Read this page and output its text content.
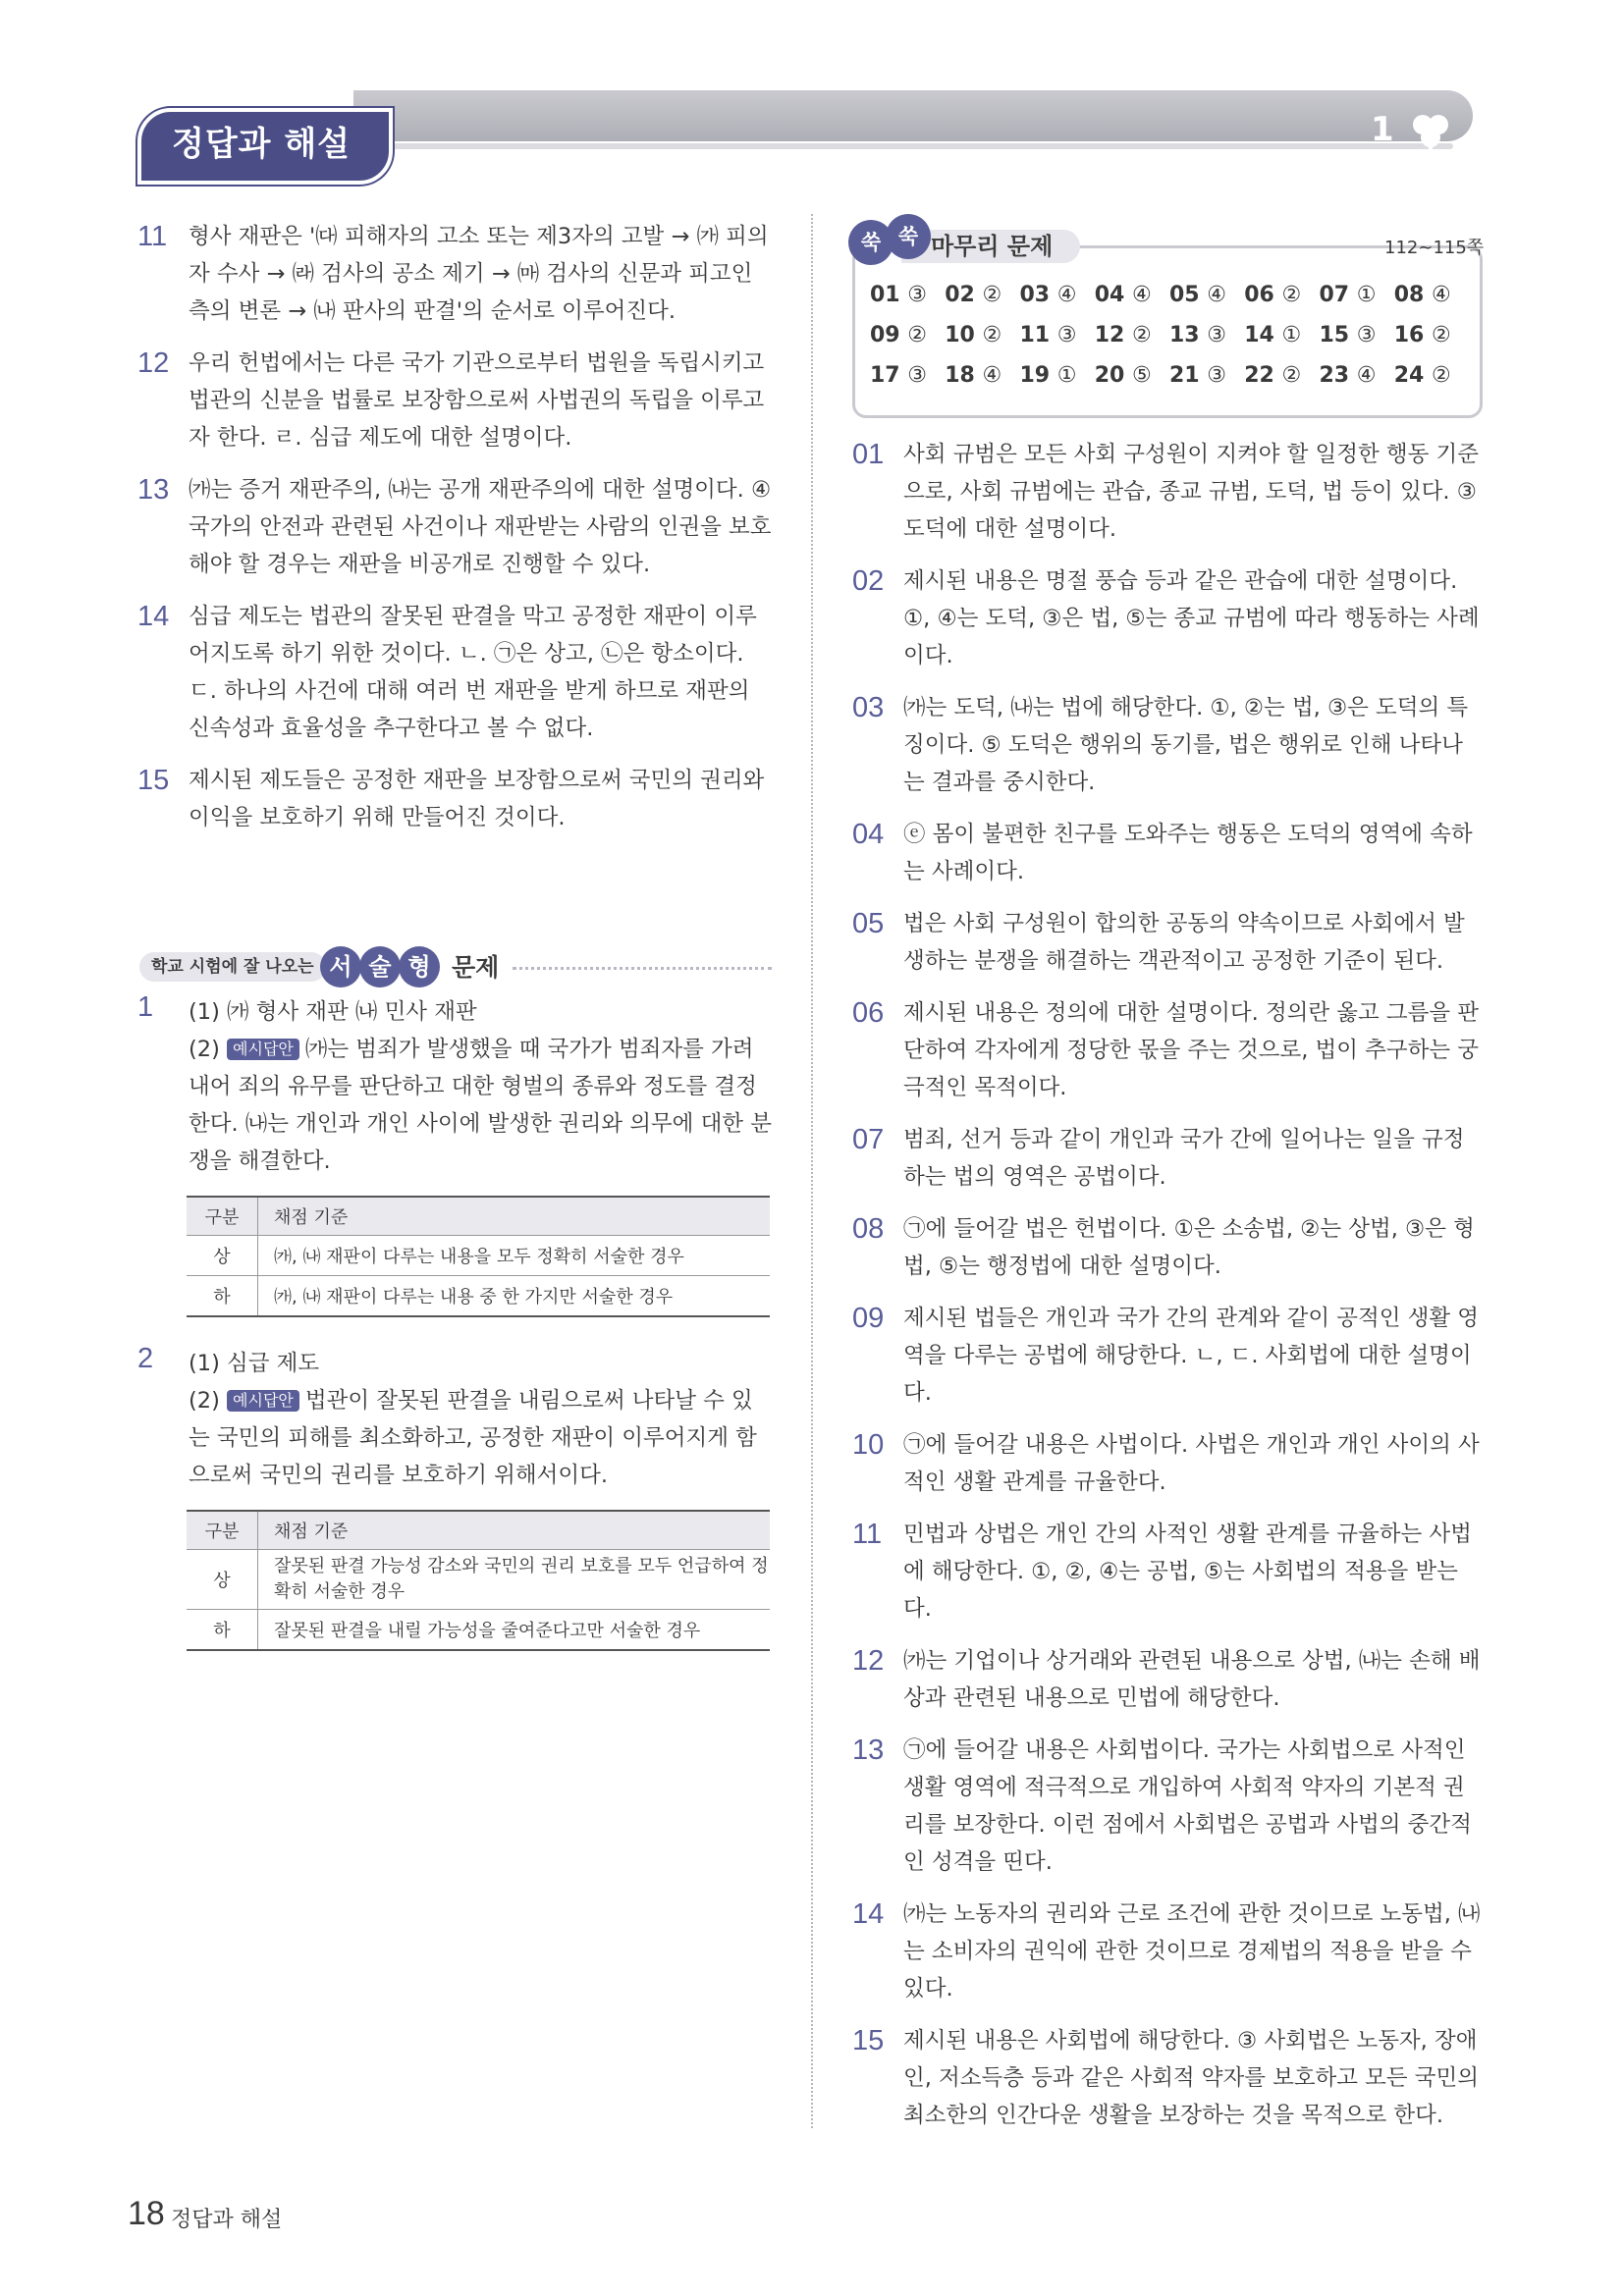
정답과 해설	1
11 형사 재판은 '㈐ 피해자의 고소 또는 제3자의 고발 → ㈎ 피의자 수사 → ㈑ 검사의 공소 제기 → ㈒ 검사의 신문과 피고인 측의 변론 → ㈏ 판사의 판결'의 순서로 이루어진다.
12 우리 헌법에서는 다른 국가 기관으로부터 법원을 독립시키고 법관의 신분을 법률로 보장함으로써 사법권의 독립을 이루고자 한다. ㄹ. 심급 제도에 대한 설명이다.
13 ㈎는 증거 재판주의, ㈏는 공개 재판주의에 대한 설명이다. ④ 국가의 안전과 관련된 사건이나 재판받는 사람의 인권을 보호해야 할 경우는 재판을 비공개로 진행할 수 있다.
14 심급 제도는 법관의 잘못된 판결을 막고 공정한 재판이 이루어지도록 하기 위한 것이다. ㄴ. ㉠은 상고, ㉡은 항소이다. ㄷ. 하나의 사건에 대해 여러 번 재판을 받게 하므로 재판의 신속성과 효율성을 추구한다고 볼 수 없다.
15 제시된 제도들은 공정한 재판을 보장함으로써 국민의 권리와 이익을 보호하기 위해 만들어진 것이다.
학교 시험에 잘 나오는 서 술 형 문제
1 (1) ㈎ 형사 재판 ㈏ 민사 재판
(2) 예시답안 ㈎는 범죄가 발생했을 때 국가가 범죄자를 가려내어 죄의 유무를 판단하고 대한 형벌의 종류와 정도를 결정한다. ㈏는 개인과 개인 사이에 발생한 권리와 의무에 대한 분쟁을 해결한다.
구분	채점 기준
상	㈎, ㈏ 재판이 다루는 내용을 모두 정확히 서술한 경우
하	㈎, ㈏ 재판이 다루는 내용 중 한 가지만 서술한 경우
2 (1) 심급 제도
(2) 예시답안 법관이 잘못된 판결을 내림으로써 나타날 수 있는 국민의 피해를 최소화하고, 공정한 재판이 이루어지게 함으로써 국민의 권리를 보호하기 위해서이다.
구분	채점 기준
상	잘못된 판결 가능성 감소와 국민의 권리 보호를 모두 언급하여 정확히 서술한 경우
하	잘못된 판결을 내릴 가능성을 줄여준다고만 서술한 경우
쑥 쑥 마무리 문제	112~115쪽
01 ③ 02 ② 03 ④ 04 ④ 05 ④ 06 ② 07 ① 08 ④
09 ② 10 ② 11 ③ 12 ② 13 ③ 14 ① 15 ③ 16 ②
17 ③ 18 ④ 19 ① 20 ⑤ 21 ③ 22 ② 23 ④ 24 ②
01 사회 규범은 모든 사회 구성원이 지켜야 할 일정한 행동 기준으로, 사회 규범에는 관습, 종교 규범, 도덕, 법 등이 있다. ③ 도덕에 대한 설명이다.
02 제시된 내용은 명절 풍습 등과 같은 관습에 대한 설명이다. ①, ④는 도덕, ③은 법, ⑤는 종교 규범에 따라 행동하는 사례이다.
03 ㈎는 도덕, ㈏는 법에 해당한다. ①, ②는 법, ③은 도덕의 특징이다. ⑤ 도덕은 행위의 동기를, 법은 행위로 인해 나타나는 결과를 중시한다.
04 ⓔ 몸이 불편한 친구를 도와주는 행동은 도덕의 영역에 속하는 사례이다.
05 법은 사회 구성원이 합의한 공동의 약속이므로 사회에서 발생하는 분쟁을 해결하는 객관적이고 공정한 기준이 된다.
06 제시된 내용은 정의에 대한 설명이다. 정의란 옳고 그름을 판단하여 각자에게 정당한 몫을 주는 것으로, 법이 추구하는 궁극적인 목적이다.
07 범죄, 선거 등과 같이 개인과 국가 간에 일어나는 일을 규정하는 법의 영역은 공법이다.
08 ㉠에 들어갈 법은 헌법이다. ①은 소송법, ②는 상법, ③은 형법, ⑤는 행정법에 대한 설명이다.
09 제시된 법들은 개인과 국가 간의 관계와 같이 공적인 생활 영역을 다루는 공법에 해당한다. ㄴ, ㄷ. 사회법에 대한 설명이다.
10 ㉠에 들어갈 내용은 사법이다. 사법은 개인과 개인 사이의 사적인 생활 관계를 규율한다.
11 민법과 상법은 개인 간의 사적인 생활 관계를 규율하는 사법에 해당한다. ①, ②, ④는 공법, ⑤는 사회법의 적용을 받는다.
12 ㈎는 기업이나 상거래와 관련된 내용으로 상법, ㈏는 손해 배상과 관련된 내용으로 민법에 해당한다.
13 ㉠에 들어갈 내용은 사회법이다. 국가는 사회법으로 사적인 생활 영역에 적극적으로 개입하여 사회적 약자의 기본적 권리를 보장한다. 이런 점에서 사회법은 공법과 사법의 중간적인 성격을 띤다.
14 ㈎는 노동자의 권리와 근로 조건에 관한 것이므로 노동법, ㈏는 소비자의 권익에 관한 것이므로 경제법의 적용을 받을 수 있다.
15 제시된 내용은 사회법에 해당한다. ③ 사회법은 노동자, 장애인, 저소득층 등과 같은 사회적 약자를 보호하고 모든 국민의 최소한의 인간다운 생활을 보장하는 것을 목적으로 한다.
18 정답과 해설
